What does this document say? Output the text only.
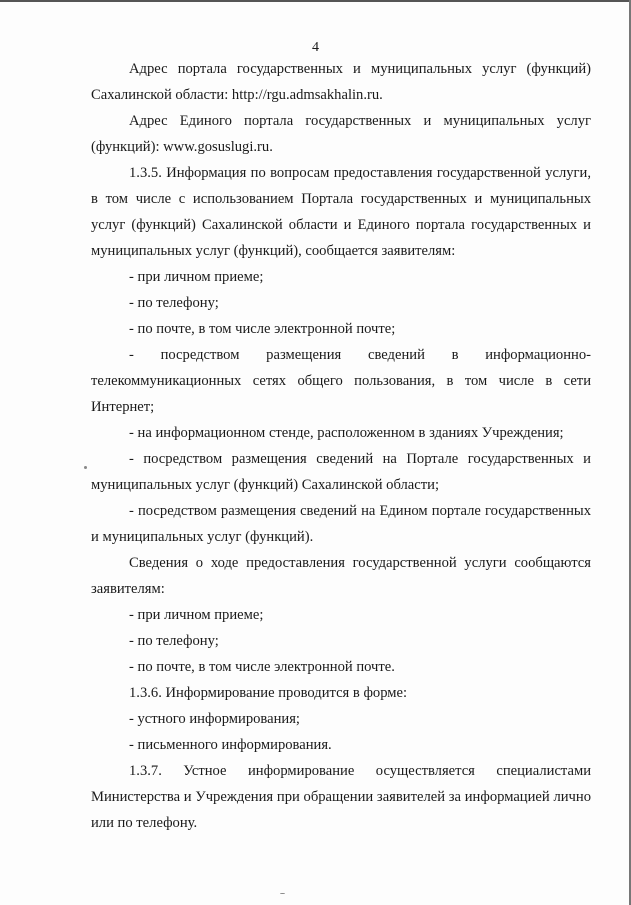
4

Адрес портала государственных и муниципальных услуг (функций) Сахалинской области: http://rgu.admsakhalin.ru.

Адрес Единого портала государственных и муниципальных услуг (функций): www.gosuslugi.ru.

1.3.5. Информация по вопросам предоставления государственной услуги, в том числе с использованием Портала государственных и муниципальных услуг (функций) Сахалинской области и Единого портала государственных и муниципальных услуг (функций), сообщается заявителям:

- при личном приеме;

- по телефону;

- по почте, в том числе электронной почте;

- посредством размещения сведений в информационно-телекоммуникационных сетях общего пользования, в том числе в сети Интернет;

- на информационном стенде, расположенном в зданиях Учреждения;

- посредством размещения сведений на Портале государственных и муниципальных услуг (функций) Сахалинской области;

- посредством размещения сведений на Едином портале государственных и муниципальных услуг (функций).

Сведения о ходе предоставления государственной услуги сообщаются заявителям:

- при личном приеме;

- по телефону;

- по почте, в том числе электронной почте.

1.3.6. Информирование проводится в форме:

- устного информирования;

- письменного информирования.

1.3.7. Устное информирование осуществляется специалистами Министерства и Учреждения при обращении заявителей за информацией лично или по телефону.
